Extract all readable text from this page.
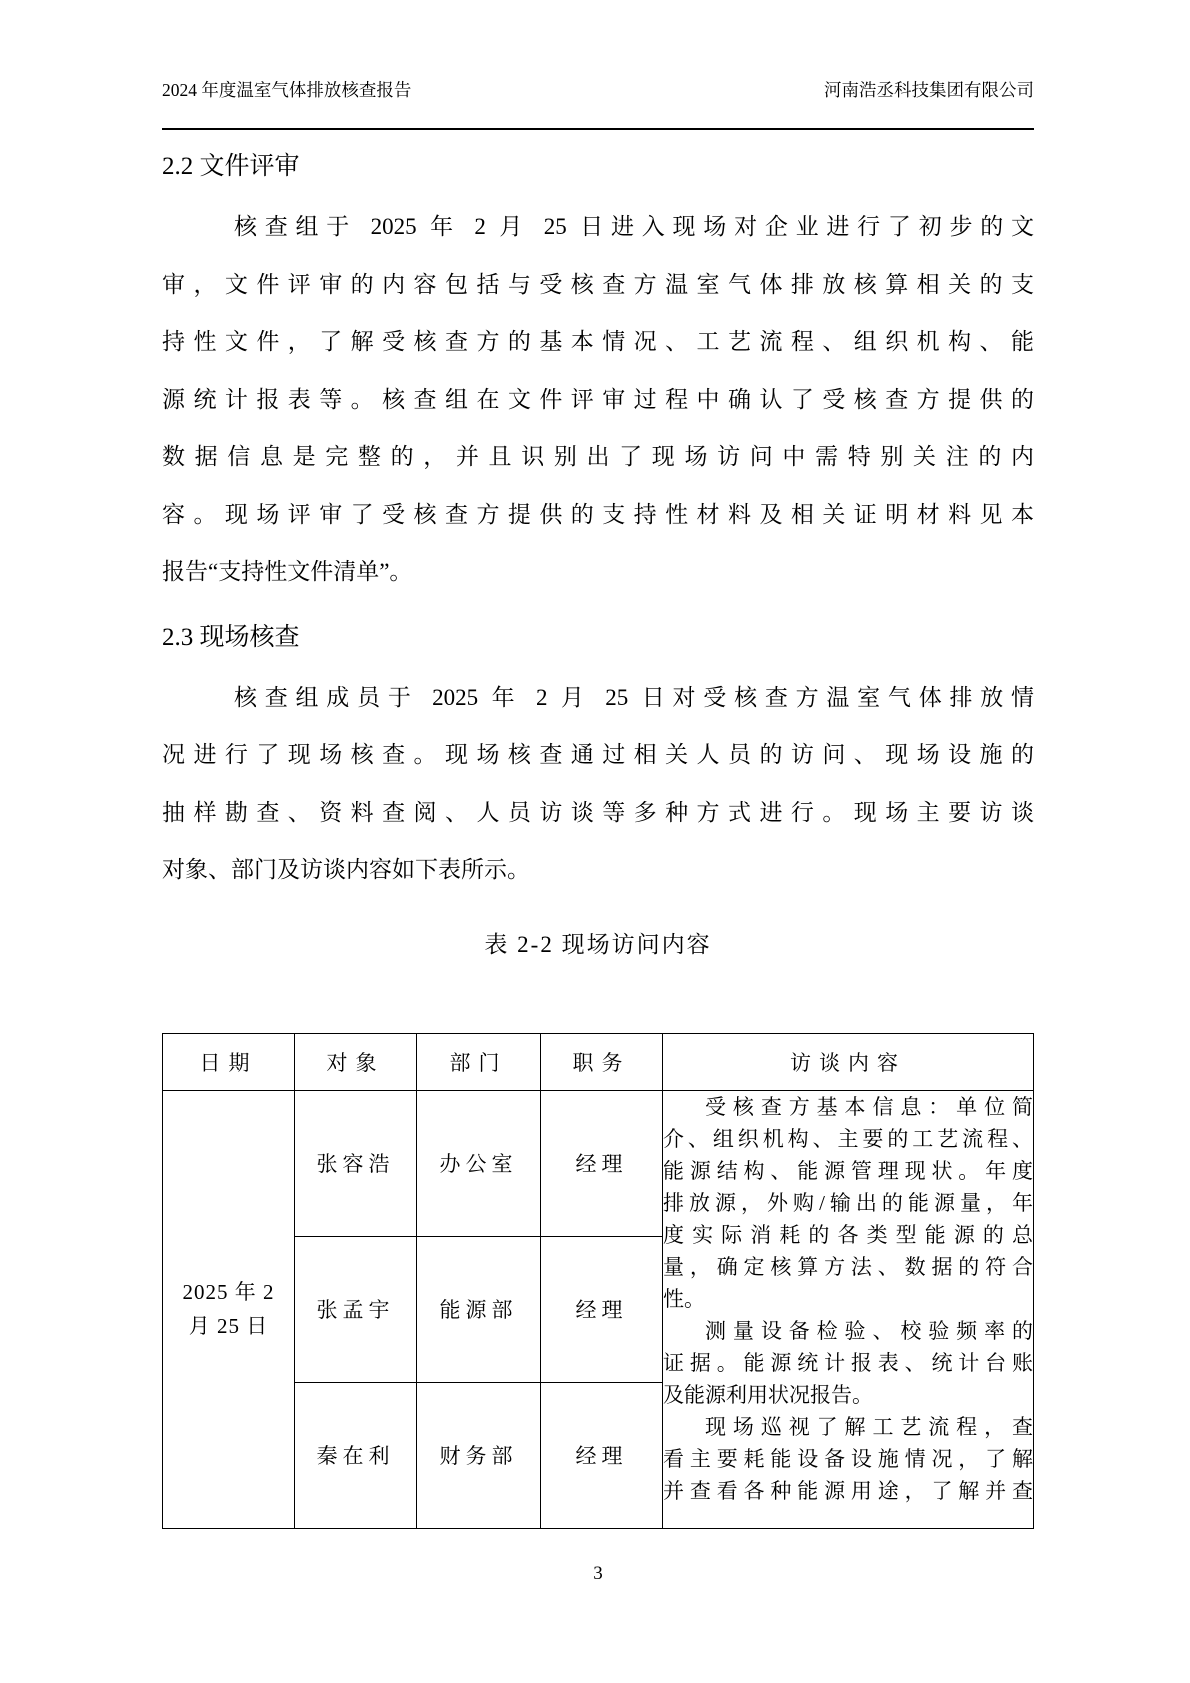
2024 年度温室气体排放核查报告	河南浩丞科技集团有限公司
2.2 文件评审
核查组于 2025 年 2 月 25 日进入现场对企业进行了初步的文
审，文件评审的内容包括与受核查方温室气体排放核算相关的支
持性文件，了解受核查方的基本情况、工艺流程、组织机构、能
源统计报表等。核查组在文件评审过程中确认了受核查方提供的
数据信息是完整的，并且识别出了现场访问中需特别关注的内
容。现场评审了受核查方提供的支持性材料及相关证明材料见本
报告“支持性文件清单”。
2.3 现场核查
核查组成员于 2025 年 2 月 25 日对受核查方温室气体排放情
况进行了现场核查。现场核查通过相关人员的访问、现场设施的
抽样勘查、资料查阅、人员访谈等多种方式进行。现场主要访谈
对象、部门及访谈内容如下表所示。
表 2-2 现场访问内容
日期	对象	部门	职务	访谈内容

2025 年 2
月 25 日
	张容浩	办公室	经理	
受核查方基本信息：单位简
介、组织机构、主要的工艺流程、
能源结构、能源管理现状。年度
排放源，外购/输出的能源量，年
度实际消耗的各类型能源的总
量，确定核算方法、数据的符合
性。
测量设备检验、校验频率的
证据。能源统计报表、统计台账
及能源利用状况报告。
现场巡视了解工艺流程，查
看主要耗能设备设施情况，了解
并查看各种能源用途，了解并查

	张孟宇	能源部	经理	
	秦在利	财务部	经理	
3
